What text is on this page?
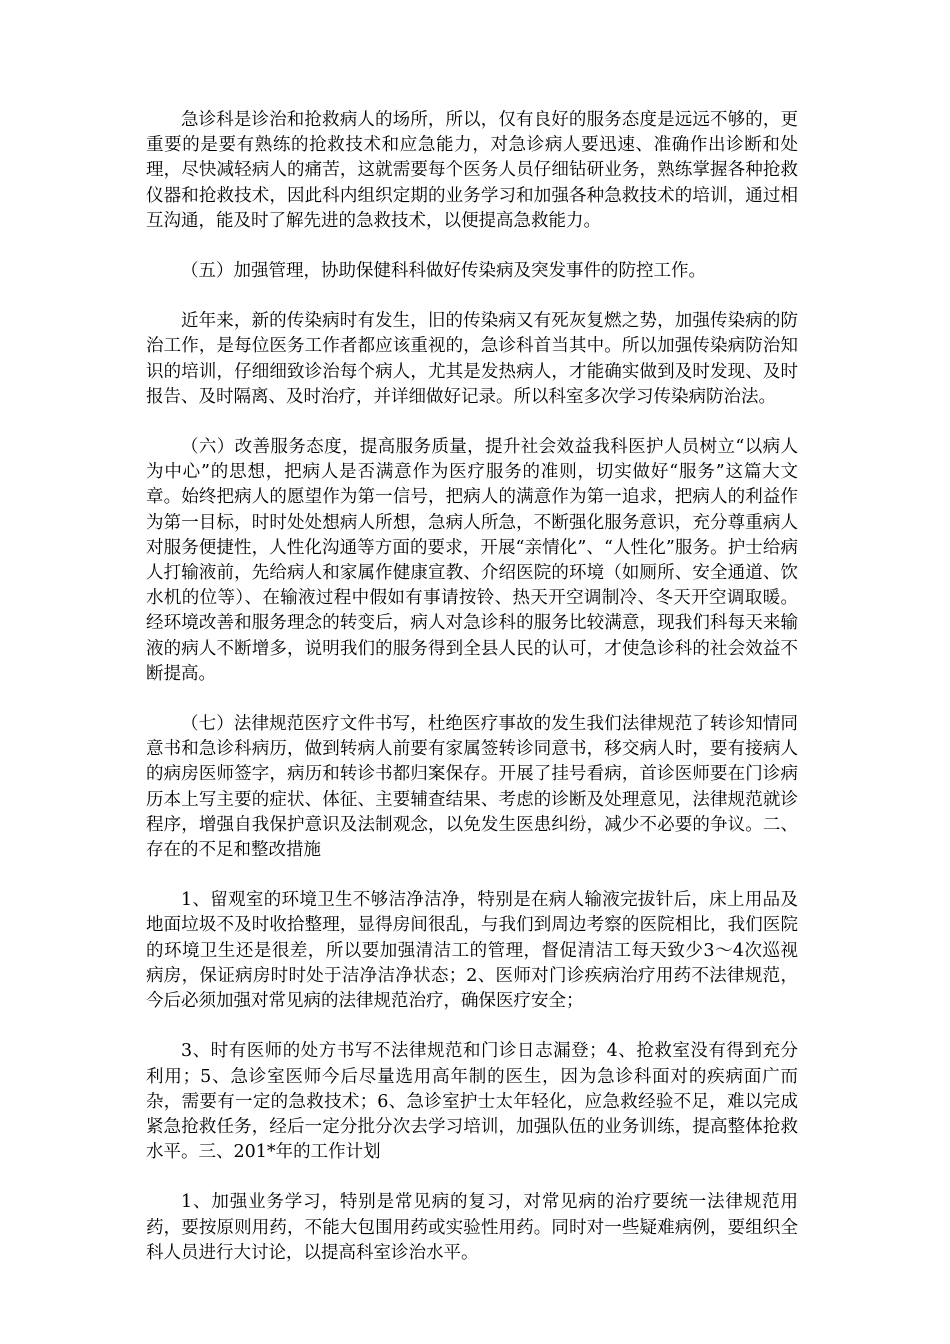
急诊科是诊治和抢救病人的场所，所以，仅有良好的服务态度是远远不够的，更重要的是要有熟练的抢救技术和应急能力，对急诊病人要迅速、准确作出诊断和处理，尽快减轻病人的痛苦，这就需要每个医务人员仔细钻研业务，熟练掌握各种抢救仪器和抢救技术，因此科内组织定期的业务学习和加强各种急救技术的培训，通过相互沟通，能及时了解先进的急救技术，以便提高急救能力。

（五）加强管理，协助保健科科做好传染病及突发事件的防控工作。

近年来，新的传染病时有发生，旧的传染病又有死灰复燃之势，加强传染病的防治工作，是每位医务工作者都应该重视的，急诊科首当其中。所以加强传染病防治知识的培训，仔细细致诊治每个病人，尤其是发热病人，才能确实做到及时发现、及时报告、及时隔离、及时治疗，并详细做好记录。所以科室多次学习传染病防治法。

（六）改善服务态度，提高服务质量，提升社会效益我科医护人员树立“以病人为中心”的思想，把病人是否满意作为医疗服务的准则，切实做好“服务”这篇大文章。始终把病人的愿望作为第一信号，把病人的满意作为第一追求，把病人的利益作为第一目标，时时处处想病人所想，急病人所急，不断强化服务意识，充分尊重病人对服务便捷性，人性化沟通等方面的要求，开展“亲情化”、“人性化”服务。护士给病人打输液前，先给病人和家属作健康宣教、介绍医院的环境（如厕所、安全通道、饮水机的位等）、在输液过程中假如有事请按铃、热天开空调制冷、冬天开空调取暖。经环境改善和服务理念的转变后，病人对急诊科的服务比较满意，现我们科每天来输液的病人不断增多，说明我们的服务得到全县人民的认可，才使急诊科的社会效益不断提高。

（七）法律规范医疗文件书写，杜绝医疗事故的发生我们法律规范了转诊知情同意书和急诊科病历，做到转病人前要有家属签转诊同意书，移交病人时，要有接病人的病房医师签字，病历和转诊书都归案保存。开展了挂号看病，首诊医师要在门诊病历本上写主要的症状、体征、主要辅查结果、考虑的诊断及处理意见，法律规范就诊程序，增强自我保护意识及法制观念，以免发生医患纠纷，减少不必要的争议。二、存在的不足和整改措施

1、留观室的环境卫生不够洁净洁净，特别是在病人输液完拔针后，床上用品及地面垃圾不及时收拾整理，显得房间很乱，与我们到周边考察的医院相比，我们医院的环境卫生还是很差，所以要加强清洁工的管理，督促清洁工每天致少3～4次巡视病房，保证病房时时处于洁净洁净状态；2、医师对门诊疾病治疗用药不法律规范，今后必须加强对常见病的法律规范治疗，确保医疗安全；

3、时有医师的处方书写不法律规范和门诊日志漏登；4、抢救室没有得到充分利用；5、急诊室医师今后尽量选用高年制的医生，因为急诊科面对的疾病面广而杂，需要有一定的急救技术；6、急诊室护士太年轻化，应急救经验不足，难以完成紧急抢救任务，经后一定分批分次去学习培训，加强队伍的业务训练，提高整体抢救水平。三、201*年的工作计划

1、加强业务学习，特别是常见病的复习，对常见病的治疗要统一法律规范用药，要按原则用药，不能大包围用药或实验性用药。同时对一些疑难病例，要组织全科人员进行大讨论，以提高科室诊治水平。
